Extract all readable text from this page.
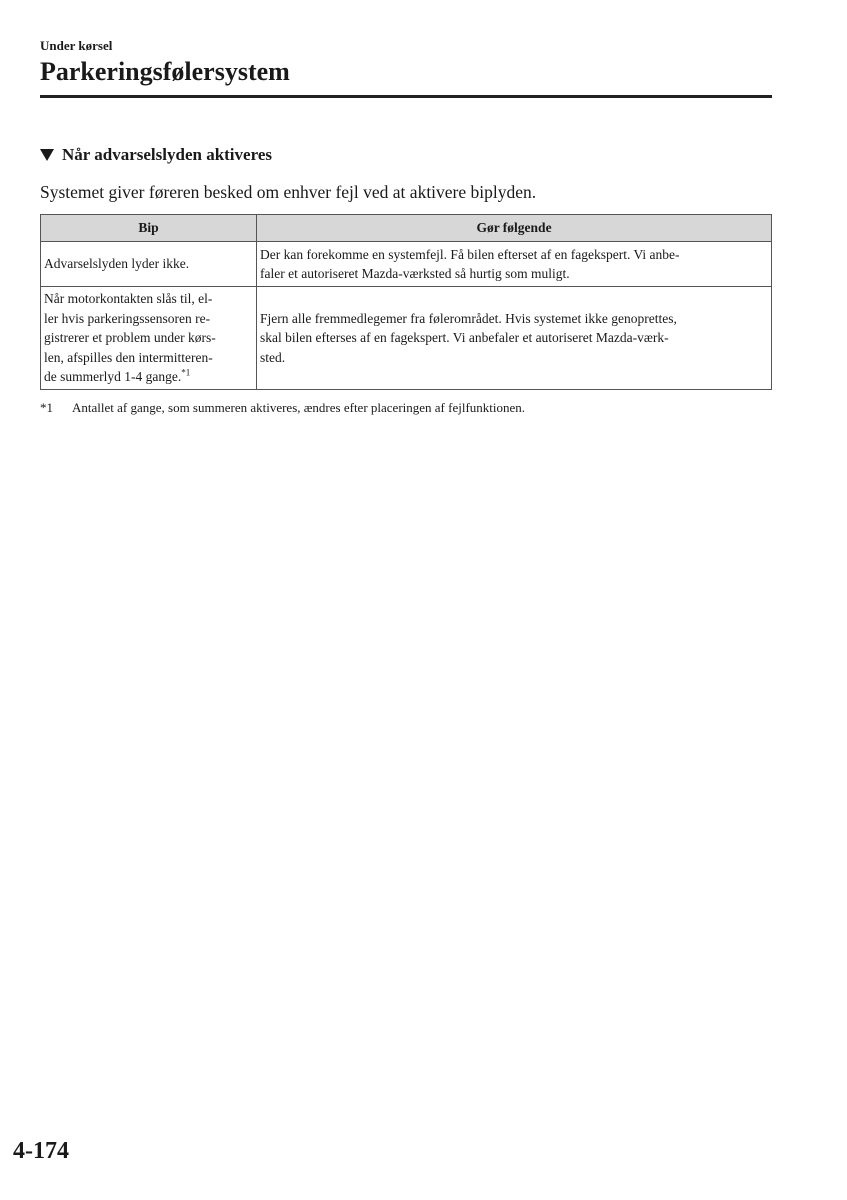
Under kørsel
Parkeringsfølersystem
Når advarselslyden aktiveres
Systemet giver føreren besked om enhver fejl ved at aktivere biplyden.
Bip	Gør følgende
Advarselslyden lyder ikke.	Der kan forekomme en systemfejl. Få bilen efterset af en fagekspert. Vi anbe-
faler et autoriseret Mazda-værksted så hurtig som muligt.
Når motorkontakten slås til, el-
ler hvis parkeringssensoren re-
gistrerer et problem under kørs-
len, afspilles den intermitteren-
de summerlyd 1-4 gange.$^{*1}$	Fjern alle fremmedlegemer fra følerområdet. Hvis systemet ikke genoprettes,
skal bilen efterses af en fagekspert. Vi anbefaler et autoriseret Mazda-værk-
sted.
*1	Antallet af gange, som summeren aktiveres, ændres efter placeringen af fejlfunktionen.
4-174
